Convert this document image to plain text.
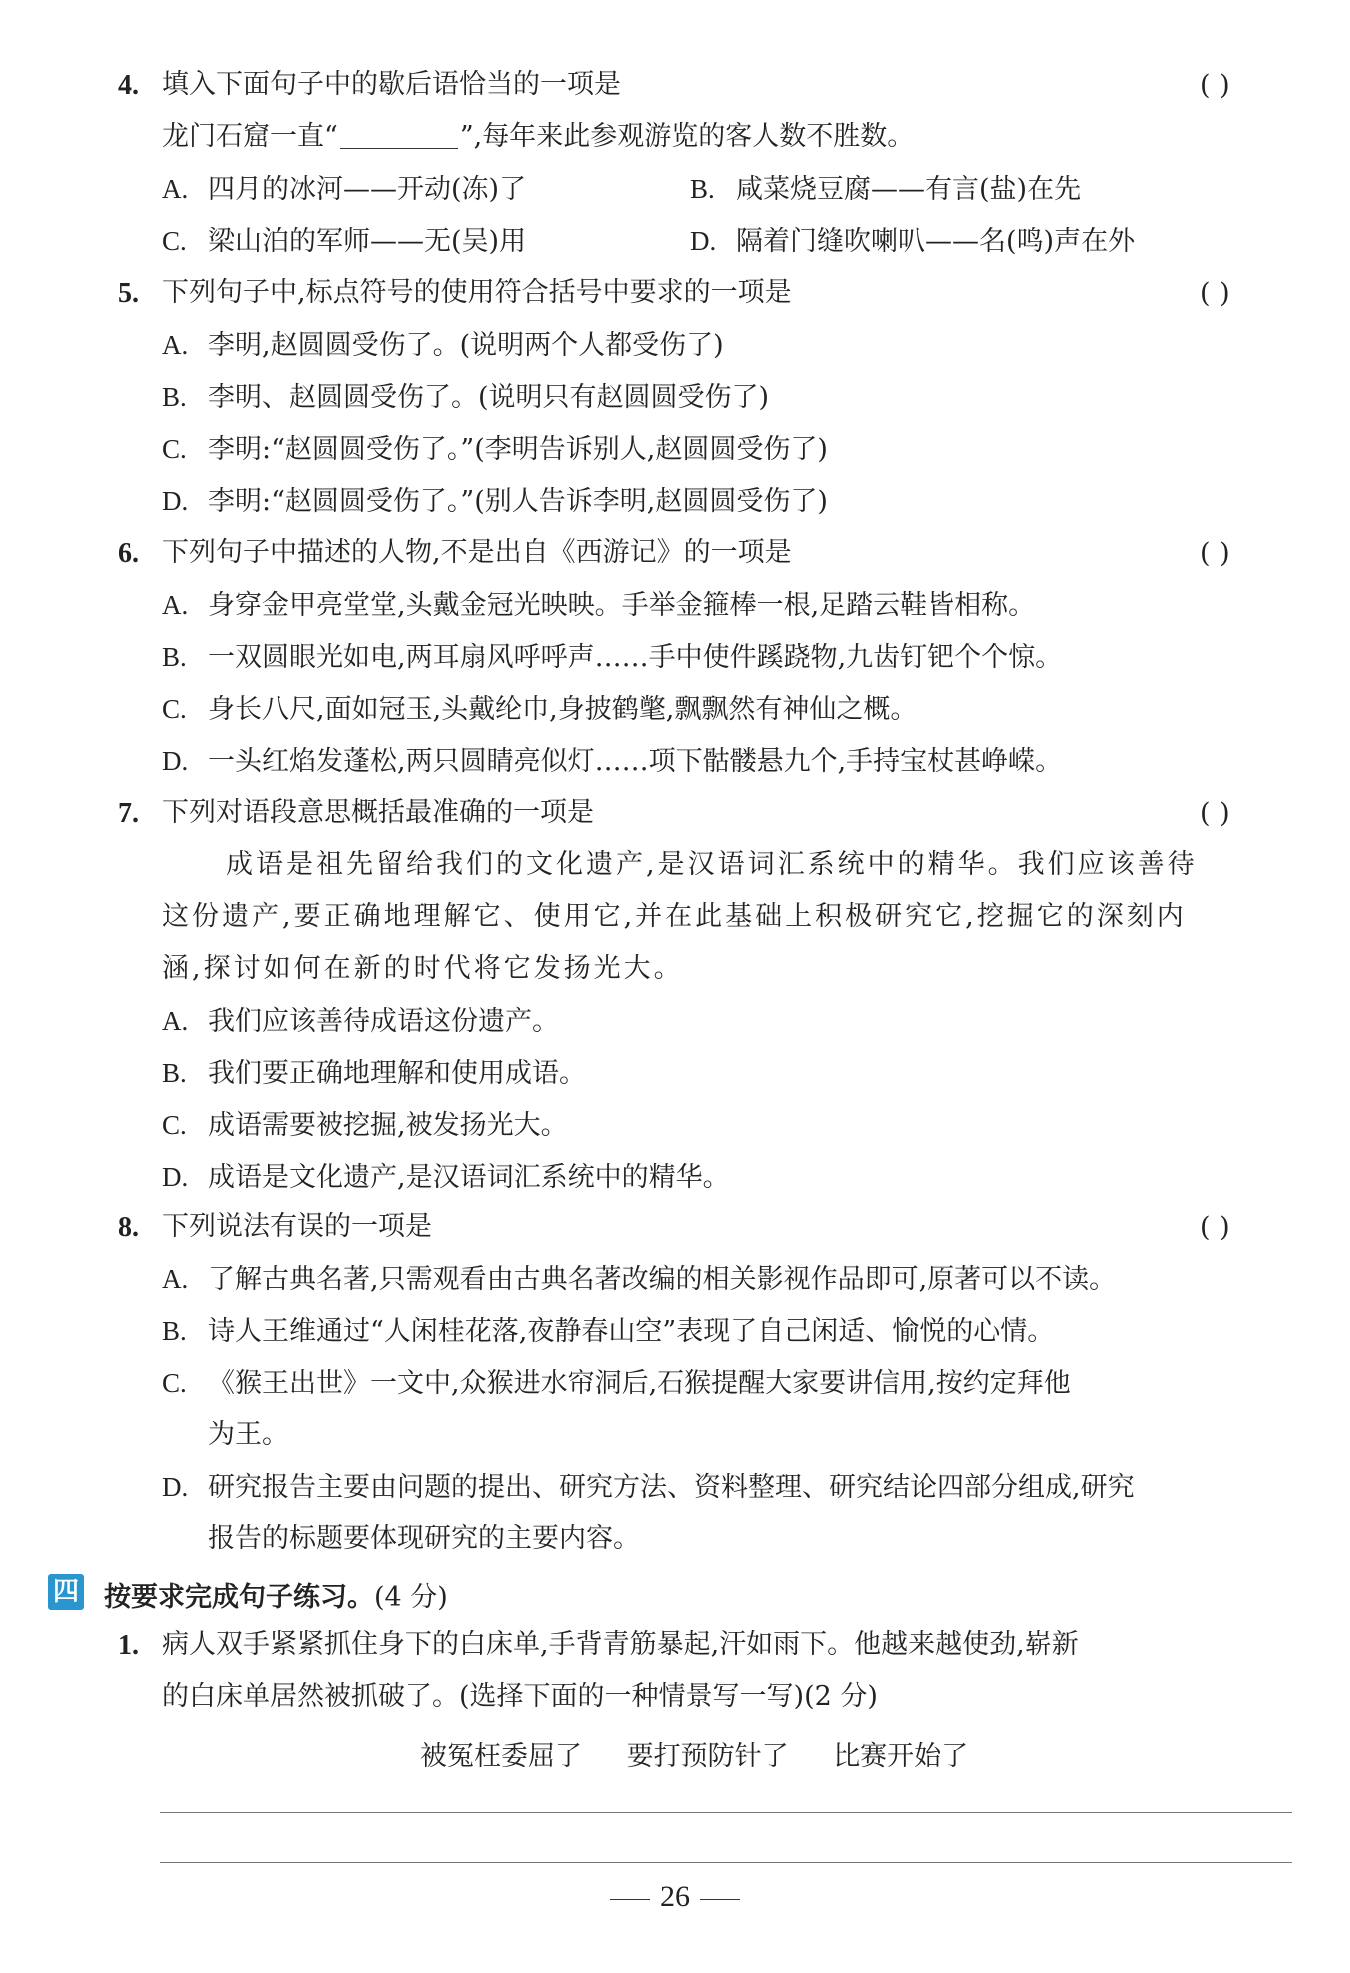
4. 填入下面句子中的歇后语恰当的一项是	( )
龙门石窟一直“	”,每年来此参观游览的客人数不胜数。
A. 四月的冰河——开动(冻)了	B. 咸菜烧豆腐——有言(盐)在先
C. 梁山泊的军师——无(吴)用	D. 隔着门缝吹喇叭——名(鸣)声在外
5. 下列句子中,标点符号的使用符合括号中要求的一项是	( )
A. 李明,赵圆圆受伤了。(说明两个人都受伤了)
B. 李明、赵圆圆受伤了。(说明只有赵圆圆受伤了)
C. 李明:“赵圆圆受伤了。”(李明告诉别人,赵圆圆受伤了)
D. 李明:“赵圆圆受伤了。”(别人告诉李明,赵圆圆受伤了)
6. 下列句子中描述的人物,不是出自《西游记》的一项是	( )
A. 身穿金甲亮堂堂,头戴金冠光映映。手举金箍棒一根,足踏云鞋皆相称。
B. 一双圆眼光如电,两耳扇风呼呼声……手中使件蹊跷物,九齿钉钯个个惊。
C. 身长八尺,面如冠玉,头戴纶巾,身披鹤氅,飘飘然有神仙之概。
D. 一头红焰发蓬松,两只圆睛亮似灯……项下骷髅悬九个,手持宝杖甚峥嵘。
7. 下列对语段意思概括最准确的一项是	( )
成语是祖先留给我们的文化遗产,是汉语词汇系统中的精华。我们应该善待
这份遗产,要正确地理解它、使用它,并在此基础上积极研究它,挖掘它的深刻内
涵,探讨如何在新的时代将它发扬光大。
A. 我们应该善待成语这份遗产。
B. 我们要正确地理解和使用成语。
C. 成语需要被挖掘,被发扬光大。
D. 成语是文化遗产,是汉语词汇系统中的精华。
8. 下列说法有误的一项是	( )
A. 了解古典名著,只需观看由古典名著改编的相关影视作品即可,原著可以不读。
B. 诗人王维通过“人闲桂花落,夜静春山空”表现了自己闲适、愉悦的心情。
C. 《猴王出世》一文中,众猴进水帘洞后,石猴提醒大家要讲信用,按约定拜他
为王。
D. 研究报告主要由问题的提出、研究方法、资料整理、研究结论四部分组成,研究
报告的标题要体现研究的主要内容。
四 按要求完成句子练习。(4 分)
1. 病人双手紧紧抓住身下的白床单,手背青筋暴起,汗如雨下。他越来越使劲,崭新
的白床单居然被抓破了。(选择下面的一种情景写一写)(2 分)
被冤枉委屈了 要打预防针了 比赛开始了
26
